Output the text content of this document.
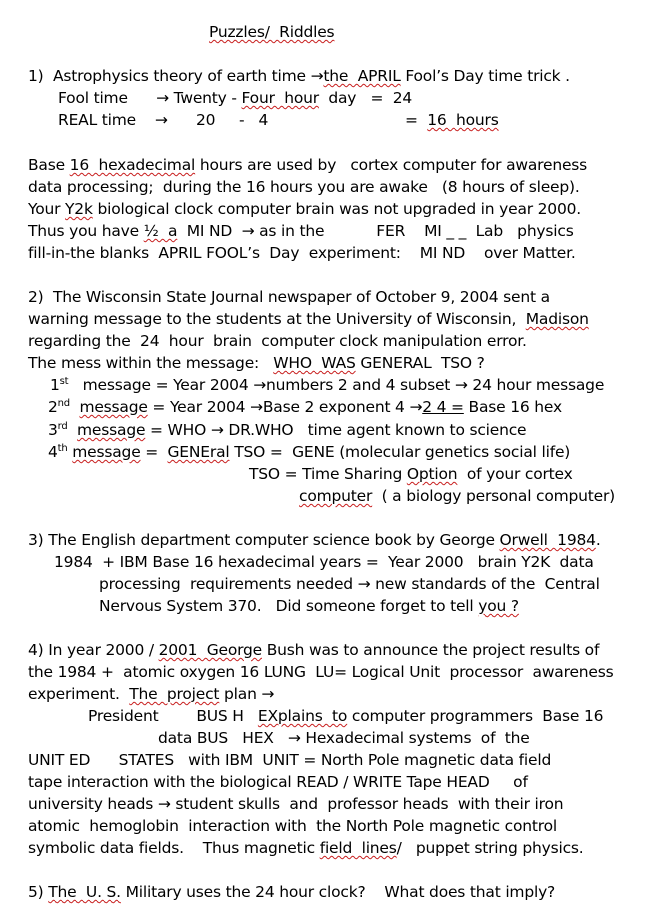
Puzzles/  Riddles
1)  Astrophysics theory of earth time →the  APRIL Fool’s Day time trick .
Fool time      → Twenty - Four  hour  day   =  24
REAL time    →      20     -   4	=  16  hours
Base 16  hexadecimal hours are used by   cortex computer for awareness
data processing;  during the 16 hours you are awake   (8 hours of sleep).
Your Y2k biological clock computer brain was not upgraded in year 2000.
Thus you have ½  a  MI ND  → as in the           FER    MI _ _  Lab   physics
fill-in-the blanks  APRIL FOOL’s  Day  experiment:    MI ND    over Matter.
2)  The Wisconsin State Journal newspaper of October 9, 2004 sent a
warning message to the students at the University of Wisconsin,  Madison
regarding the  24  hour  brain  computer clock manipulation error.
The mess within the message:   WHO  WAS GENERAL  TSO ?
1st   message = Year 2004 →numbers 2 and 4 subset → 24 hour message
2nd message = Year 2004 →Base 2 exponent 4 →2 4 = Base 16 hex
3rd message = WHO → DR.WHO   time agent known to science
4th message =  GENEral TSO =  GENE (molecular genetics social life)
TSO = Time Sharing Option  of your cortex
computer  ( a biology personal computer)
3) The English department computer science book by George Orwell  1984.
1984  + IBM Base 16 hexadecimal years =  Year 2000   brain Y2K  data
processing  requirements needed → new standards of the  Central
Nervous System 370.   Did someone forget to tell you ?
4) In year 2000 / 2001  George Bush was to announce the project results of
the 1984 +  atomic oxygen 16 LUNG  LU= Logical Unit  processor  awareness
experiment.  The  project plan →
President        BUS H   EXplains  to computer programmers  Base 16
data BUS   HEX   → Hexadecimal systems  of  the
UNIT ED      STATES   with IBM  UNIT = North Pole magnetic data field
tape interaction with the biological READ / WRITE Tape HEAD     of
university heads → student skulls  and  professor heads  with their iron
atomic  hemoglobin  interaction with  the North Pole magnetic control
symbolic data fields.    Thus magnetic field  lines/   puppet string physics.
5) The  U. S. Military uses the 24 hour clock?    What does that imply?
